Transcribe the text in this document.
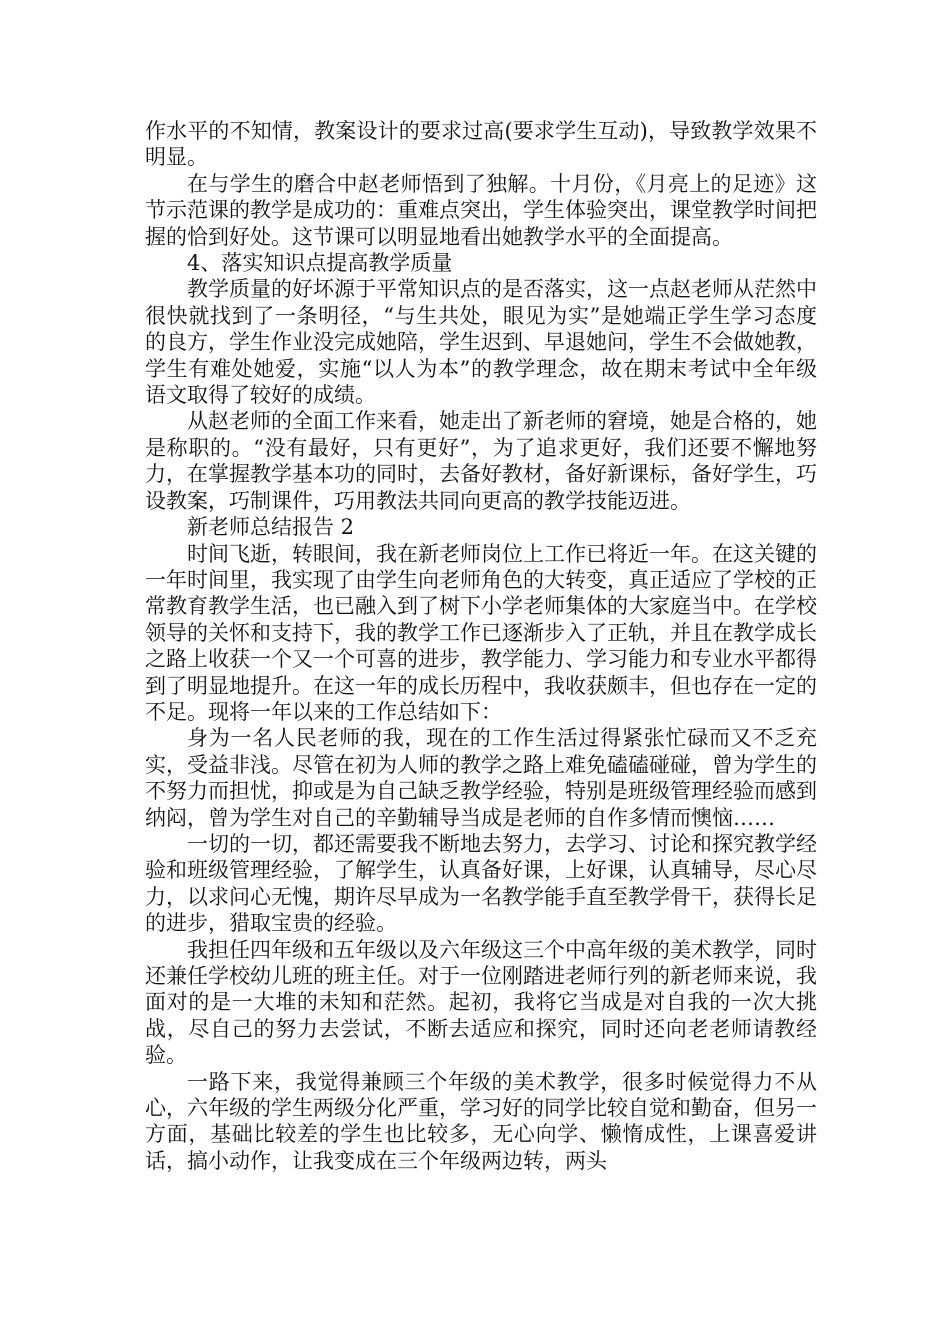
作水平的不知情，教案设计的要求过高(要求学生互动)，导致教学效果不明显。

在与学生的磨合中赵老师悟到了独解。十月份，《月亮上的足迹》这节示范课的教学是成功的：重难点突出，学生体验突出，课堂教学时间把握的恰到好处。这节课可以明显地看出她教学水平的全面提高。

4、落实知识点提高教学质量

教学质量的好坏源于平常知识点的是否落实，这一点赵老师从茫然中很快就找到了一条明径，“与生共处，眼见为实”是她端正学生学习态度的良方，学生作业没完成她陪，学生迟到、早退她问，学生不会做她教，学生有难处她爱，实施“以人为本”的教学理念，故在期末考试中全年级语文取得了较好的成绩。

从赵老师的全面工作来看，她走出了新老师的窘境，她是合格的，她是称职的。“没有最好，只有更好”，为了追求更好，我们还要不懈地努力，在掌握教学基本功的同时，去备好教材，备好新课标，备好学生，巧设教案，巧制课件，巧用教法共同向更高的教学技能迈进。

新老师总结报告 2

时间飞逝，转眼间，我在新老师岗位上工作已将近一年。在这关键的一年时间里，我实现了由学生向老师角色的大转变，真正适应了学校的正常教育教学生活，也已融入到了树下小学老师集体的大家庭当中。在学校领导的关怀和支持下，我的教学工作已逐渐步入了正轨，并且在教学成长之路上收获一个又一个可喜的进步，教学能力、学习能力和专业水平都得到了明显地提升。在这一年的成长历程中，我收获颇丰，但也存在一定的不足。现将一年以来的工作总结如下：

身为一名人民老师的我，现在的工作生活过得紧张忙碌而又不乏充实，受益非浅。尽管在初为人师的教学之路上难免磕磕碰碰，曾为学生的不努力而担忧，抑或是为自己缺乏教学经验，特别是班级管理经验而感到纳闷，曾为学生对自己的辛勤辅导当成是老师的自作多情而懊恼……

一切的一切，都还需要我不断地去努力，去学习、讨论和探究教学经验和班级管理经验，了解学生，认真备好课，上好课，认真辅导，尽心尽力，以求问心无愧，期许尽早成为一名教学能手直至教学骨干，获得长足的进步，猎取宝贵的经验。

我担任四年级和五年级以及六年级这三个中高年级的美术教学，同时还兼任学校幼儿班的班主任。对于一位刚踏进老师行列的新老师来说，我面对的是一大堆的未知和茫然。起初，我将它当成是对自我的一次大挑战，尽自己的努力去尝试，不断去适应和探究，同时还向老老师请教经验。

一路下来，我觉得兼顾三个年级的美术教学，很多时候觉得力不从心，六年级的学生两级分化严重，学习好的同学比较自觉和勤奋，但另一方面，基础比较差的学生也比较多，无心向学、懒惰成性，上课喜爱讲话，搞小动作，让我变成在三个年级两边转，两头
